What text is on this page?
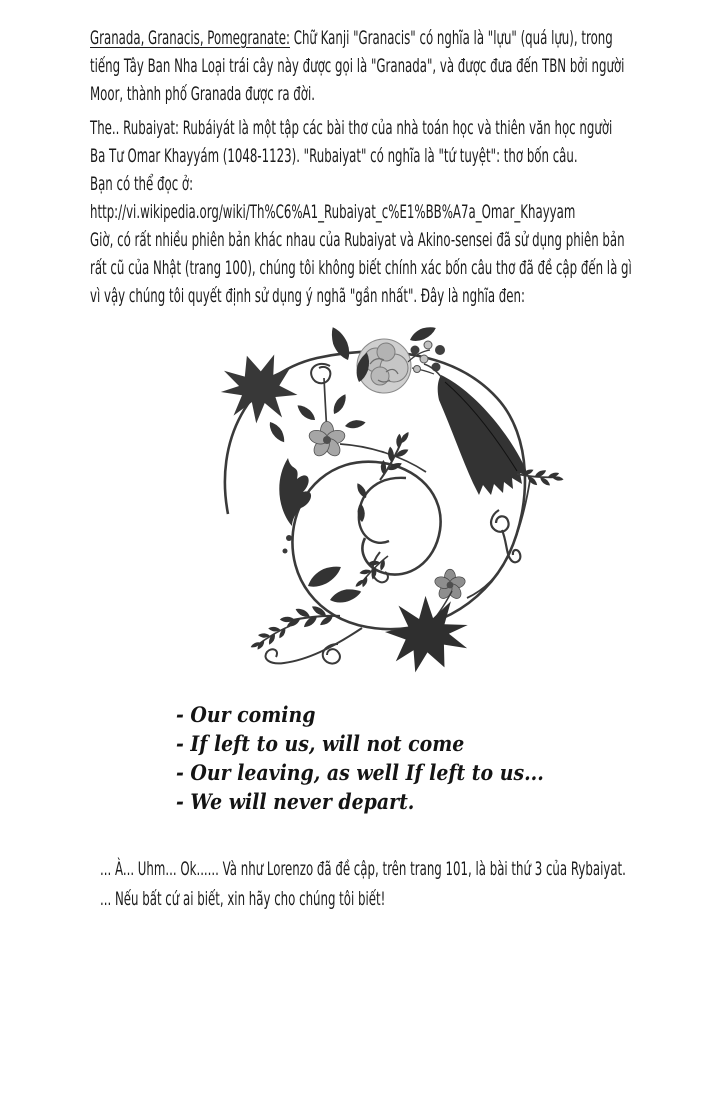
Granada, Granacis, Pomegranate: Chữ Kanji "Granacis" có nghĩa là "lựu" (quá lựu), trong
tiếng Tây Ban Nha Loại trái cây này được gọi là "Granada", và được đưa đến TBN bởi người
Moor, thành phố Granada được ra đời.
The.. Rubaiyat: Rubáiyát là một tập các bài thơ của nhà toán học và thiên văn học người
Ba Tư Omar Khayyám (1048-1123). "Rubaiyat" có nghĩa là "tứ tuyệt": thơ bốn câu.
Bạn có thể đọc ở:
http://vi.wikipedia.org/wiki/Th%C6%A1_Rubaiyat_c%E1%BB%A7a_Omar_Khayyam
Giờ, có rất nhiều phiên bản khác nhau của Rubaiyat và Akino-sensei đã sử dụng phiên bản
rất cũ của Nhật (trang 100), chúng tôi không biết chính xác bốn câu thơ đã đề cập đến là gì
vì vậy chúng tôi quyết định sử dụng ý nghã "gần nhất". Đây là nghĩa đen:
- Our coming
- If left to us, will not come
- Our leaving, as well If left to us...
- We will never depart.
... À... Uhm... Ok...... Và như Lorenzo đã đề cập, trên trang 101, là bài thứ 3 của Rybaiyat.
... Nếu bất cứ ai biết, xin hãy cho chúng tôi biết!
